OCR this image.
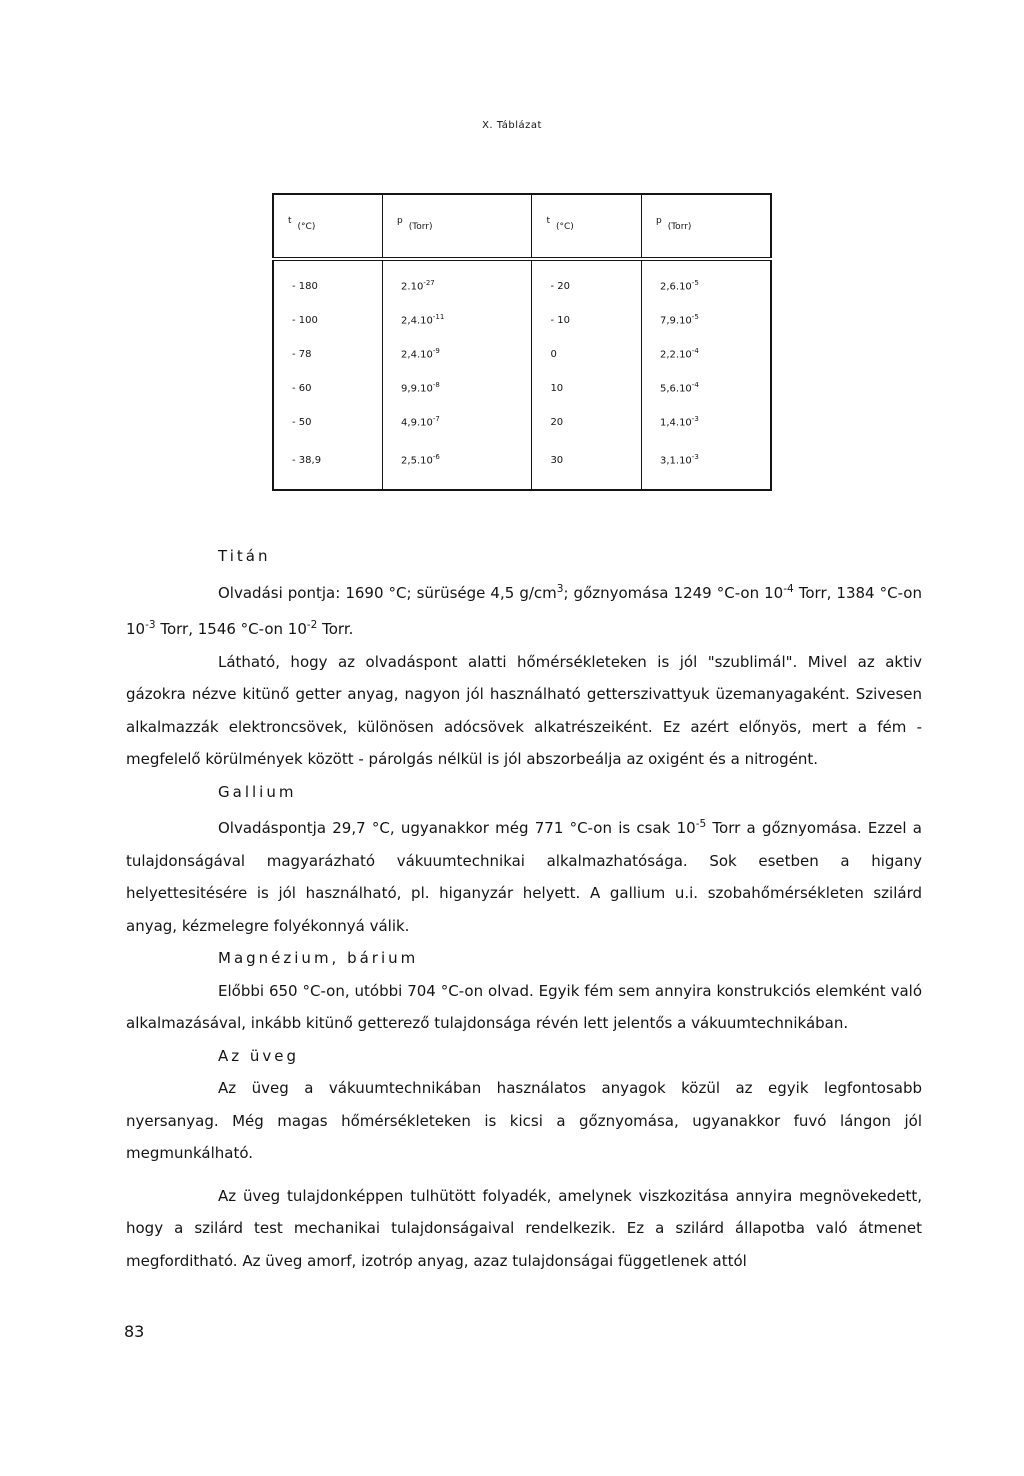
X. Táblázat
t(°C)	p(Torr)	t(°C)	p(Torr)
- 180	$2.10^{-27}$	- 20	$2,6.10^{-5}$
- 100	$2,4.10^{-11}$	- 10	$7,9.10^{-5}$
- 78	$2,4.10^{-9}$	0	$2,2.10^{-4}$
- 60	$9,9.10^{-8}$	10	$5,6.10^{-4}$
- 50	$4,9.10^{-7}$	20	$1,4.10^{-3}$
- 38,9	$2,5.10^{-6}$	30	$3,1.10^{-3}$

Titán

Olvadási pontja: 1690 °C; sürüsége 4,5 $g/cm^3$; gőznyomása 1249 °C-on $10^{-4}$ Torr, 1384 °C-on $10^{-3}$ Torr, 1546 °C-on $10^{-2}$ Torr.

Látható, hogy az olvadáspont alatti hőmérsékleteken is jól "szublimál". Mivel az aktiv gázokra nézve kitünő getter anyag, nagyon jól használható getterszivattyuk üzemanyagaként. Szivesen alkalmazzák elektroncsövek, különösen adócsövek alkatrészeiként. Ez azért előnyös, mert a fém - megfelelő körülmények között - párolgás nélkül is jól abszorbeálja az oxigént és a nitrogént.

Gallium

Olvadáspontja 29,7 °C, ugyanakkor még 771 °C-on is csak $10^{-5}$ Torr a gőznyomása. Ezzel a tulajdonságával magyarázható vákuumtechnikai alkalmazhatósága. Sok esetben a higany helyettesitésére is jól használható, pl. higanyzár helyett. A gallium u.i. szobahőmérsékleten szilárd anyag, kézmelegre folyékonnyá válik.

Magnézium, bárium

Előbbi 650 °C-on, utóbbi 704 °C-on olvad. Egyik fém sem annyira konstrukciós elemként való alkalmazásával, inkább kitünő getterező tulajdonsága révén lett jelentős a vákuumtechnikában.

Az üveg

Az üveg a vákuumtechnikában használatos anyagok közül az egyik legfontosabb nyersanyag. Még magas hőmérsékleteken is kicsi a gőznyomása, ugyanakkor fuvó lángon jól megmunkálható.

Az üveg tulajdonképpen tulhütött folyadék, amelynek viszkozitása annyira megnövekedett, hogy a szilárd test mechanikai tulajdonságaival rendelkezik. Ez a szilárd állapotba való átmenet megforditható. Az üveg amorf, izotróp anyag, azaz tulajdonságai függetlenek attól

83
